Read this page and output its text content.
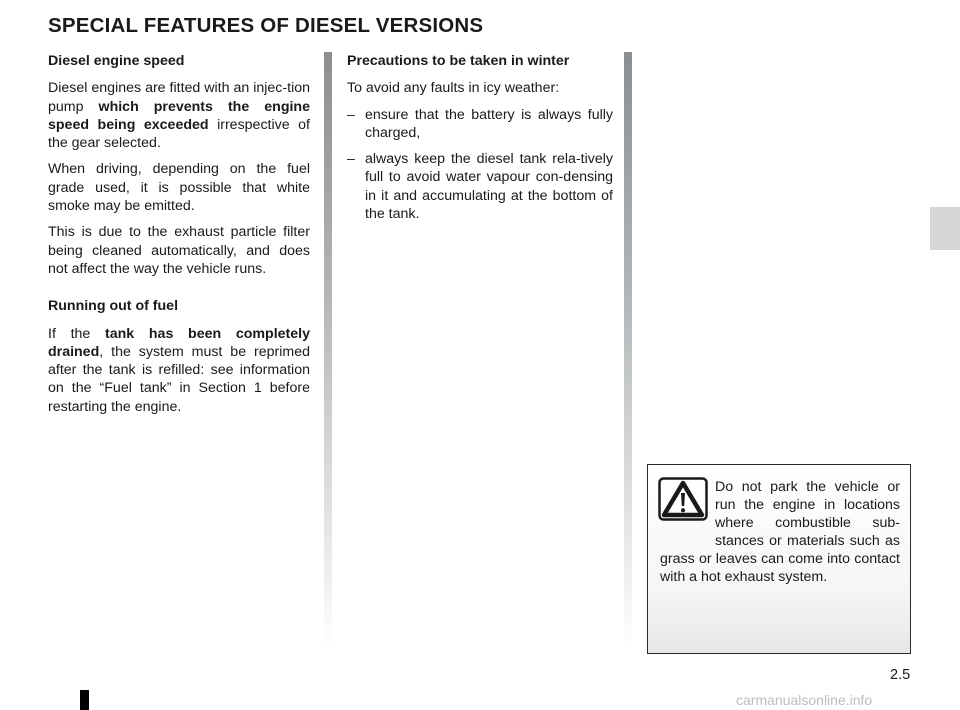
SPECIAL FEATURES OF DIESEL VERSIONS
Diesel engine speed

Diesel engines are fitted with an injec-tion pump which prevents the engine speed being exceeded irrespective of the gear selected.

When driving, depending on the fuel grade used, it is possible that white smoke may be emitted.

This is due to the exhaust particle filter being cleaned automatically, and does not affect the way the vehicle runs.

Running out of fuel

If the tank has been completely drained, the system must be reprimed after the tank is refilled: see information on the “Fuel tank” in Section 1 before restarting the engine.

Precautions to be taken in winter

To avoid any faults in icy weather:

– ensure that the battery is always fully charged,
– always keep the diesel tank rela-tively full to avoid water vapour con-densing in it and accumulating at the bottom of the tank.
Do not park the vehicle or run the engine in locations where combustible sub-stances or materials such as grass or leaves can come into contact with a hot exhaust system.
2.5
carmanualsonline.info
